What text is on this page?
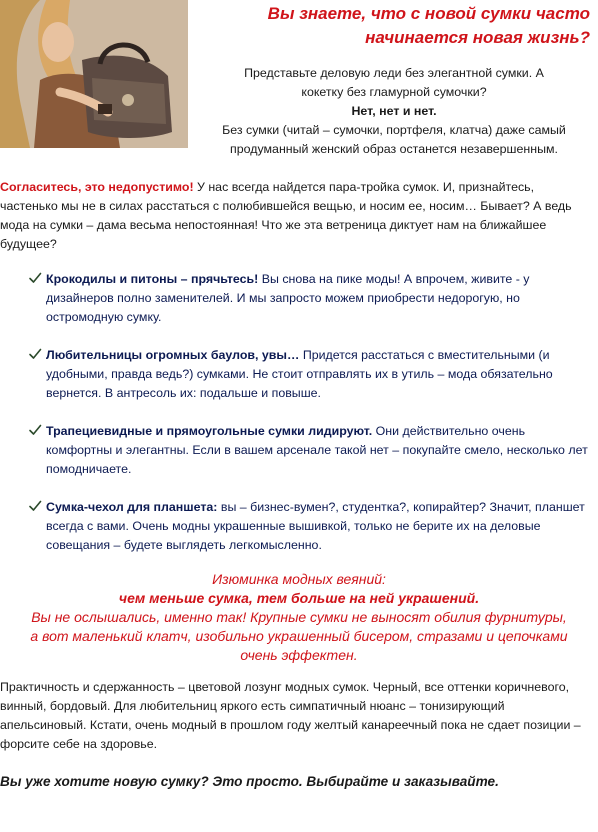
Вы знаете, что с новой сумки часто
начинается новая жизнь?

Представьте деловую леди без элегантной сумки. А

кокетку без гламурной сумочки?

Нет, нет и нет.

Без сумки (читай – сумочки, портфеля, клатча) даже самый

продуманный женский образ останется незавершенным.

Согласитесь, это недопустимо! У нас всегда найдется пара-тройка сумок. И, признайтесь, частенько мы не в силах расстаться с полюбившейся вещью, и носим ее, носим… Бывает? А ведь мода на сумки – дама весьма непостоянная! Что же эта ветреница диктует нам на ближайшее будущее?
Крокодилы и питоны – прячьтесь! Вы снова на пике моды! А впрочем, живите - у дизайнеров полно заменителей. И мы запросто можем приобрести недорогую, но остромодную сумку.
Любительницы огромных баулов, увы… Придется расстаться с вместительными (и удобными, правда ведь?) сумками. Не стоит отправлять их в утиль – мода обязательно вернется. В антресоль их: подальше и повыше.
Трапециевидные и прямоугольные сумки лидируют. Они действительно очень комфортны и элегантны. Если в вашем арсенале такой нет – покупайте смело, несколько лет помодничаете.
Сумка-чехол для планшета: вы – бизнес-вумен?, студентка?, копирайтер? Значит, планшет всегда с вами. Очень модны украшенные вышивкой, только не берите их на деловые совещания – будете выглядеть легкомысленно.

Изюминка модных веяний:

чем меньше сумка, тем больше на ней украшений.

Вы не ослышались, именно так! Крупные сумки не выносят обилия фурнитуры,

а вот маленький клатч, изобильно украшенный бисером, стразами и цепочками

очень эффектен.

Практичность и сдержанность – цветовой лозунг модных сумок. Черный, все оттенки коричневого, винный, бордовый. Для любительниц яркого есть симпатичный нюанс – тонизирующий апельсиновый. Кстати, очень модный в прошлом году желтый канареечный пока не сдает позиции – форсите себе на здоровье.
Вы уже хотите новую сумку? Это просто. Выбирайте и заказывайте.
